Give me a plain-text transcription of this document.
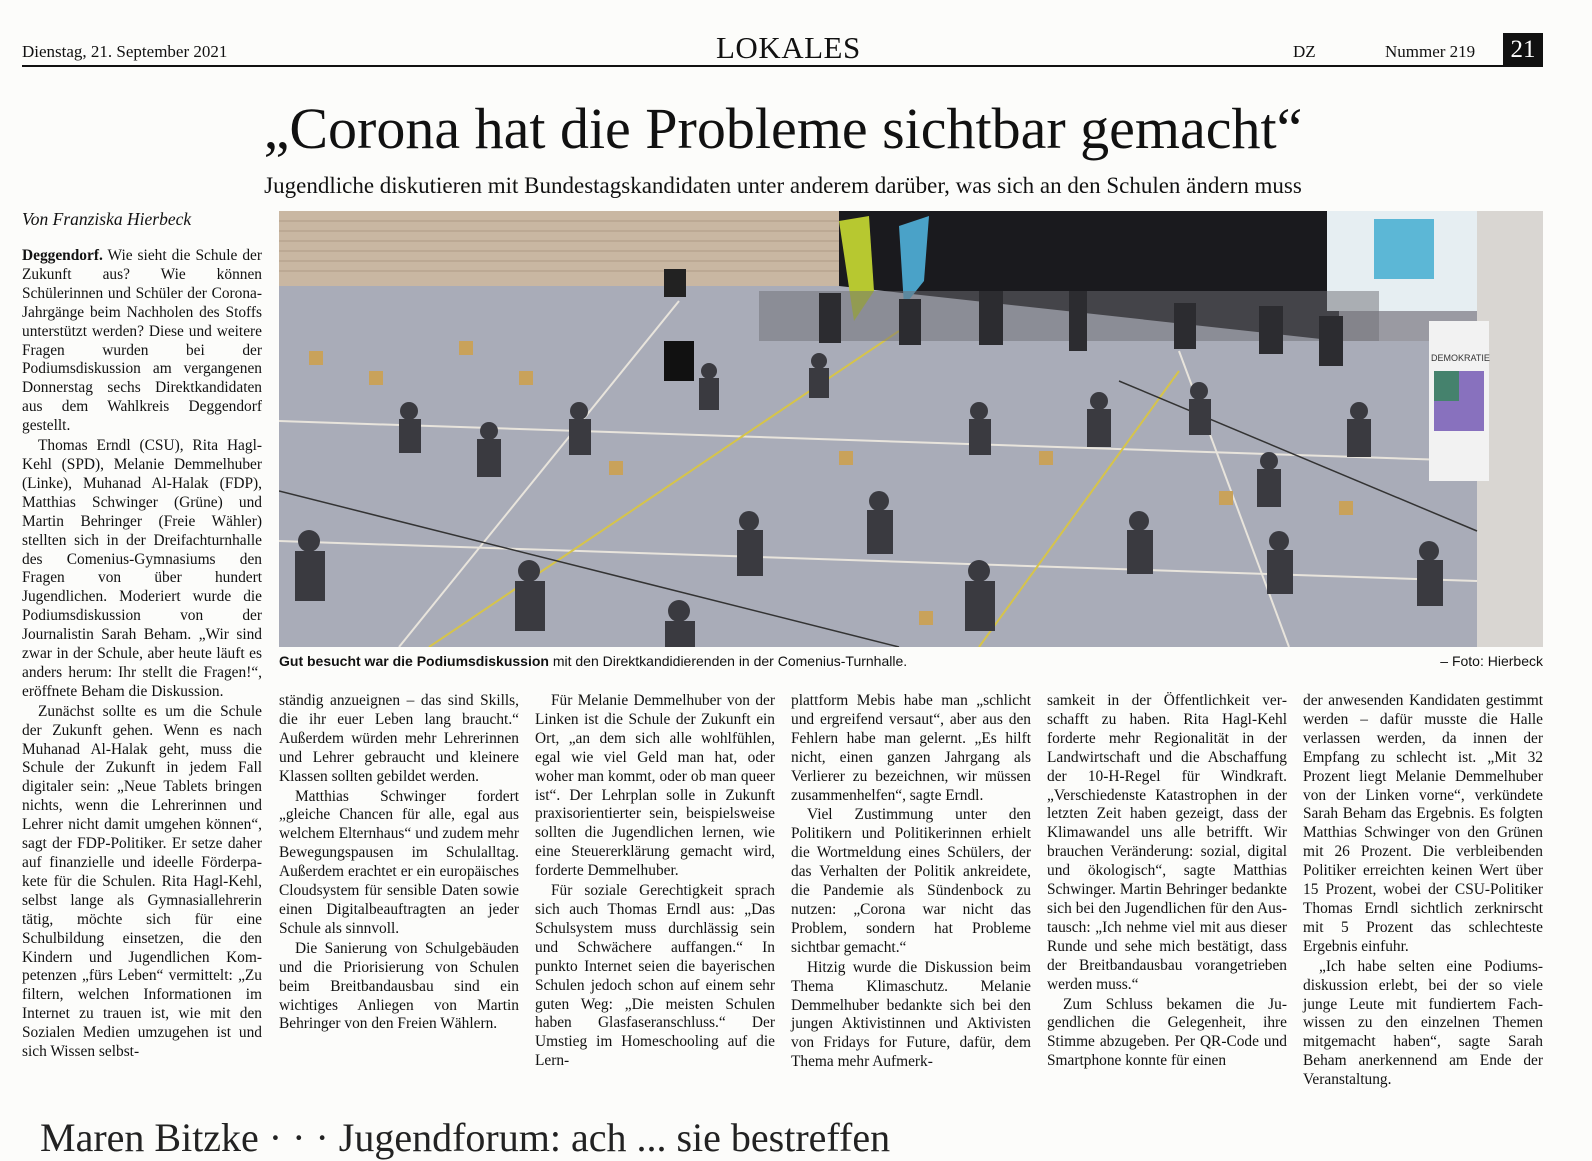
Dienstag, 21. September 2021	LOKALES	DZ	Nummer 219	21
„Corona hat die Probleme sichtbar gemacht“
Jugendliche diskutieren mit Bundestagskandidaten unter anderem darüber, was sich an den Schulen ändern muss
Von Franziska Hierbeck

Deggendorf. Wie sieht die Schule der Zukunft aus? Wie können Schülerinnen und Schüler der Corona-Jahrgänge beim Nachholen des Stoffs unterstützt werden? Diese und weitere Fragen wurden bei der Podiumsdiskussion am vergangenen Donnerstag sechs Direktkandidaten aus dem Wahlkreis Deggendorf gestellt.

Thomas Erndl (CSU), Rita Hagl-Kehl (SPD), Melanie Demmelhuber (Linke), Muhanad Al-Halak (FDP), Matthias Schwinger (Grüne) und Martin Behringer (Freie Wähler) stellten sich in der Dreifachturnhalle des Comenius-Gymnasiums den Fragen von über hundert Jugendlichen. Moderiert wurde die Podiumsdiskussion von der Journalistin Sarah Beham. „Wir sind zwar in der Schule, aber heute läuft es anders herum: Ihr stellt die Fragen!“, eröffnete Beham die Diskussion.

Zunächst sollte es um die Schule der Zukunft gehen. Wenn es nach Muhanad Al-Halak geht, muss die Schule der Zukunft in jedem Fall digitaler sein: „Neue Tablets bringen nichts, wenn die Lehrerinnen und Lehrer nicht damit umgehen können“, sagt der FDP-Politiker. Er setze daher auf finanzielle und ideelle Förderpakete für die Schulen. Rita Hagl-Kehl, selbst lange als Gymnasiallehrerin tätig, möchte sich für eine Schulbildung einsetzen, die den Kindern und Jugendlichen Kompetenzen „fürs Leben“ vermittelt: „Zu filtern, welchen Informationen im Internet zu trauen ist, wie mit den Sozialen Medien umzugehen ist und sich Wissen selbst-

DEMOKRATIE
Gut besucht war die Podiumsdiskussion mit den Direktkandidierenden in der Comenius-Turnhalle.	– Foto: Hierbeck

ständig anzueignen – das sind Skills, die ihr euer Leben lang braucht.“ Außerdem würden mehr Lehrerinnen und Lehrer gebraucht und kleinere Klassen sollten gebildet werden.

Matthias Schwinger fordert „gleiche Chancen für alle, egal aus welchem Elternhaus“ und zudem mehr Bewegungspausen im Schulalltag. Außerdem erachtet er ein europäisches Cloudsystem für sensible Daten sowie einen Digitalbeauftragten an jeder Schule als sinnvoll.

Die Sanierung von Schulgebäuden und die Priorisierung von Schulen beim Breitbandausbau sind ein wichtiges Anliegen von Martin Behringer von den Freien Wählern.

Für Melanie Demmelhuber von der Linken ist die Schule der Zukunft ein Ort, „an dem sich alle wohlfühlen, egal wie viel Geld man hat, oder woher man kommt, oder ob man queer ist“. Der Lehrplan solle in Zukunft praxisorientierter sein, beispielsweise sollten die Jugendlichen lernen, wie eine Steuererklärung gemacht wird, forderte Demmelhuber.

Für soziale Gerechtigkeit sprach sich auch Thomas Erndl aus: „Das Schulsystem muss durchlässig sein und Schwächere auffangen.“ In punkto Internet seien die bayerischen Schulen jedoch schon auf einem sehr guten Weg: „Die meisten Schulen haben Glasfaseranschluss.“ Der Umstieg im Homeschooling auf die Lern-

plattform Mebis habe man „schlicht und ergreifend versaut“, aber aus den Fehlern habe man gelernt. „Es hilft nicht, einen ganzen Jahrgang als Verlierer zu bezeichnen, wir müssen zusammenhelfen“, sagte Erndl.

Viel Zustimmung unter den Politikern und Politikerinnen erhielt die Wortmeldung eines Schülers, der das Verhalten der Politik ankreidete, die Pandemie als Sündenbock zu nutzen: „Corona war nicht das Problem, sondern hat Probleme sichtbar gemacht.“

Hitzig wurde die Diskussion beim Thema Klimaschutz. Melanie Demmelhuber bedankte sich bei den jungen Aktivistinnen und Aktivisten von Fridays for Future, dafür, dem Thema mehr Aufmerk-

samkeit in der Öffentlichkeit verschafft zu haben. Rita Hagl-Kehl forderte mehr Regionalität in der Landwirtschaft und die Abschaffung der 10-H-Regel für Windkraft. „Verschiedenste Katastrophen in der letzten Zeit haben gezeigt, dass der Klimawandel uns alle betrifft. Wir brauchen Veränderung: sozial, digital und ökologisch“, sagte Matthias Schwinger. Martin Behringer bedankte sich bei den Jugendlichen für den Austausch: „Ich nehme viel mit aus dieser Runde und sehe mich bestätigt, dass der Breitbandausbau vorangetrieben werden muss.“

Zum Schluss bekamen die Jugendlichen die Gelegenheit, ihre Stimme abzugeben. Per QR-Code und Smartphone konnte für einen

der anwesenden Kandidaten gestimmt werden – dafür musste die Halle verlassen werden, da innen der Empfang zu schlecht ist. „Mit 32 Prozent liegt Melanie Demmelhuber von der Linken vorne“, verkündete Sarah Beham das Ergebnis. Es folgten Matthias Schwinger von den Grünen mit 26 Prozent. Die verbleibenden Politiker erreichten keinen Wert über 15 Prozent, wobei der CSU-Politiker Thomas Erndl sichtlich zerknirscht mit 5 Prozent das schlechteste Ergebnis einfuhr.

„Ich habe selten eine Podiumsdiskussion erlebt, bei der so viele junge Leute mit fundiertem Fachwissen zu den einzelnen Themen mitgemacht haben“, sagte Sarah Beham anerkennend am Ende der Veranstaltung.

Maren Bitzke · · · Jugendforum: ach ... sie bestreffen
